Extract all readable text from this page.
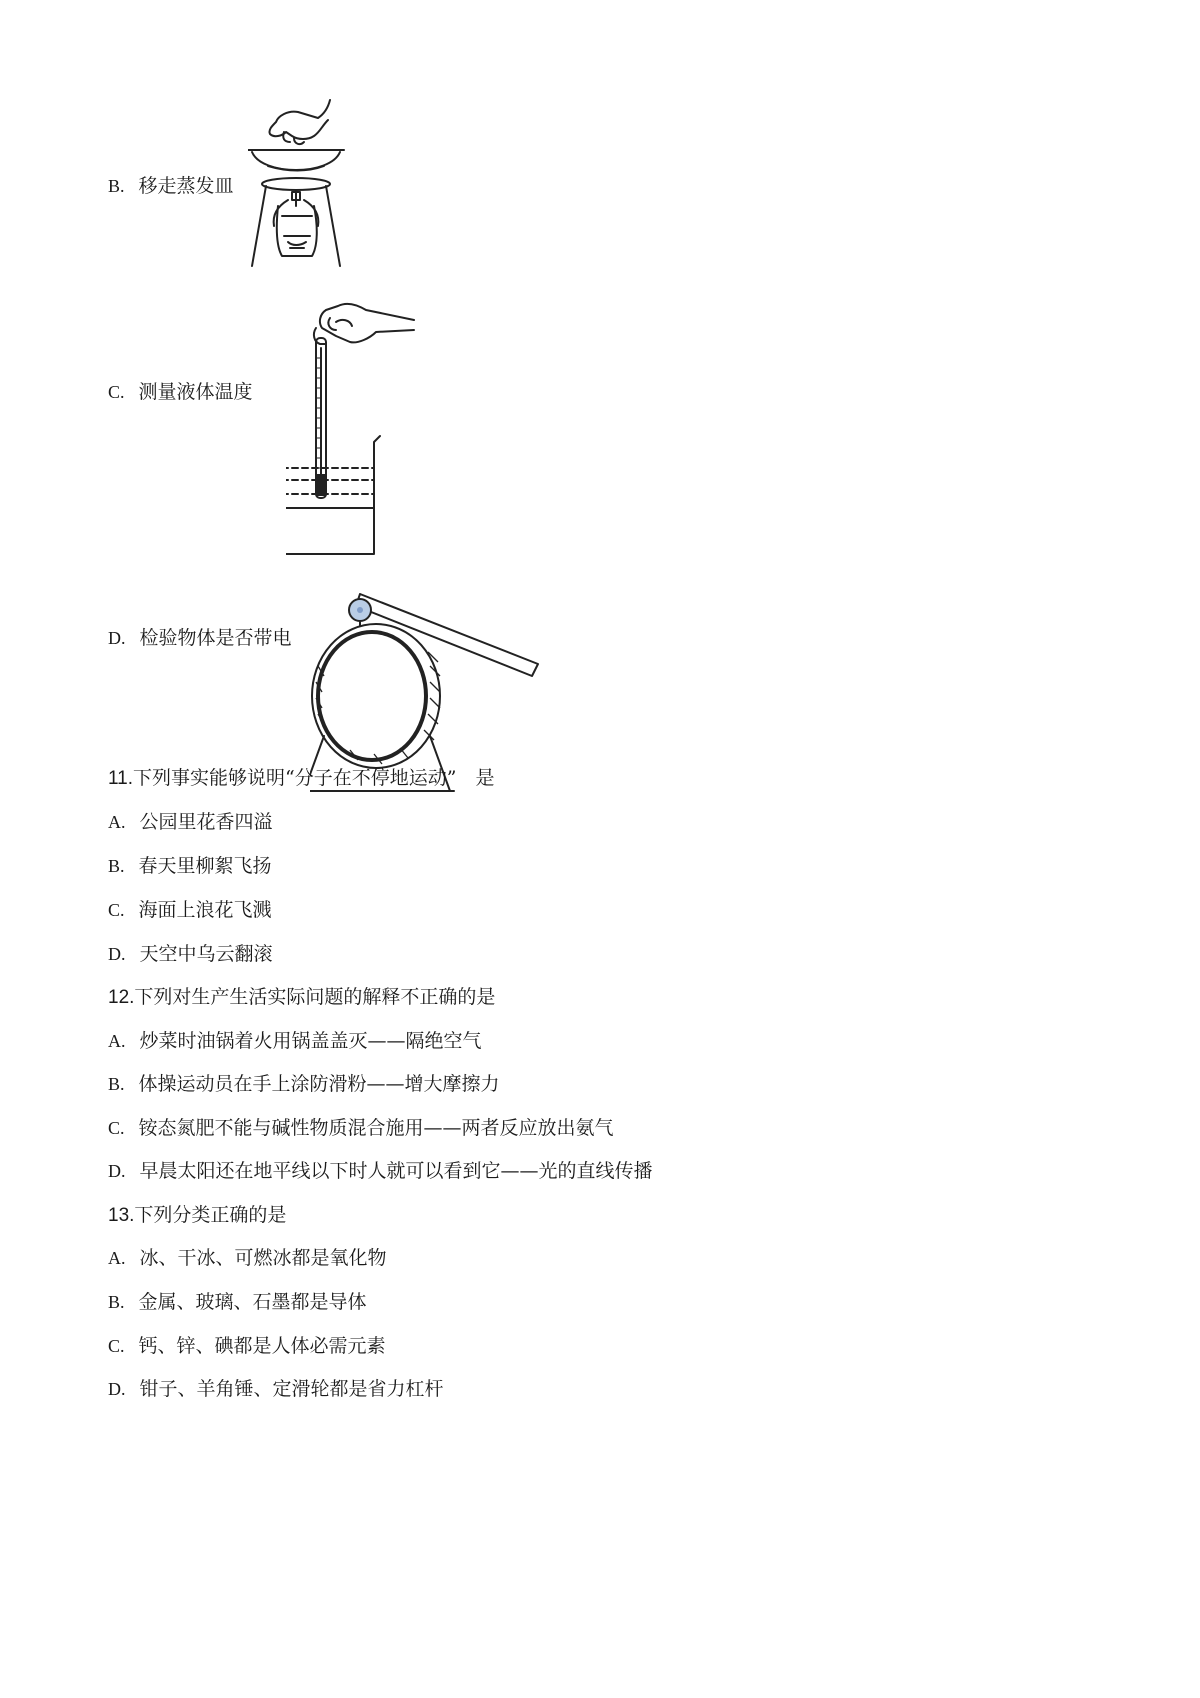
B. 移走蒸发皿
C. 测量液体温度
D. 检验物体是否带电
11.下列事实能够说明“分子在不停地运动”　是
A. 公园里花香四溢
B. 春天里柳絮飞扬
C. 海面上浪花飞溅
D. 天空中乌云翻滚
12.下列对生产生活实际问题的解释不正确的是
A. 炒菜时油锅着火用锅盖盖灭——隔绝空气
B. 体操运动员在手上涂防滑粉——增大摩擦力
C. 铵态氮肥不能与碱性物质混合施用——两者反应放出氨气
D. 早晨太阳还在地平线以下时人就可以看到它——光的直线传播
13.下列分类正确的是
A. 冰、干冰、可燃冰都是氧化物
B. 金属、玻璃、石墨都是导体
C. 钙、锌、碘都是人体必需元素
D. 钳子、羊角锤、定滑轮都是省力杠杆
